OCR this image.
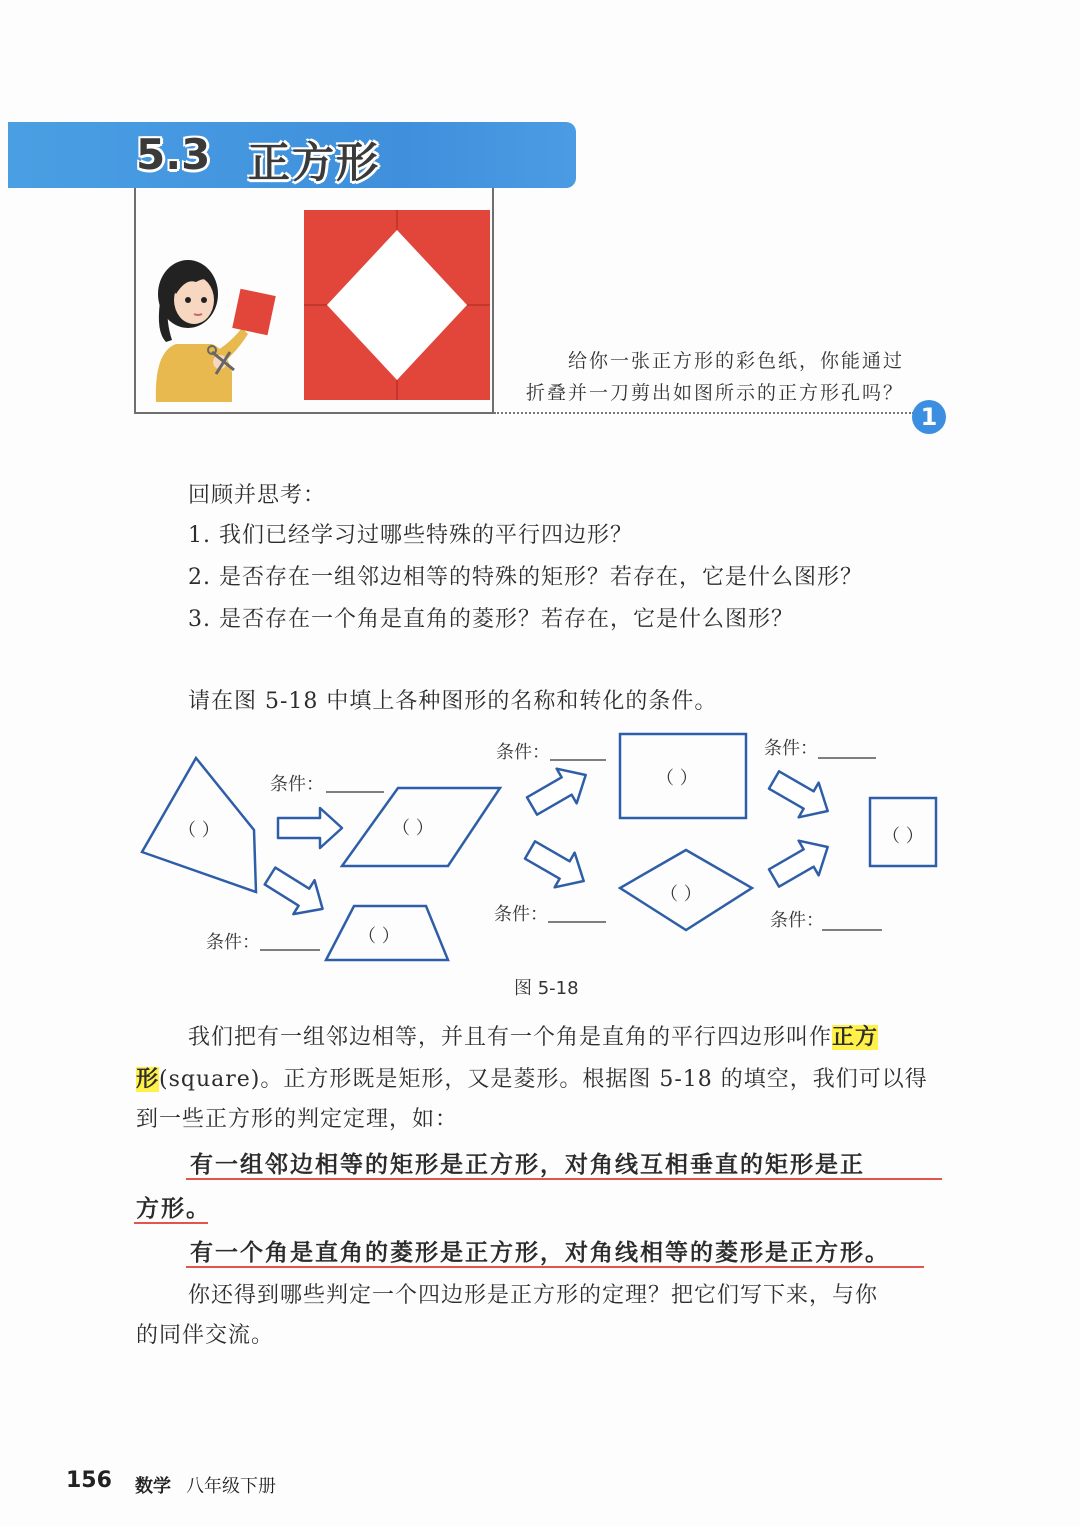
5.3 正方形
给你一张正方形的彩色纸，你能通过
折叠并一刀剪出如图所示的正方形孔吗？
1
回顾并思考：
1. 我们已经学习过哪些特殊的平行四边形？
2. 是否存在一组邻边相等的特殊的矩形？若存在，它是什么图形？
3. 是否存在一个角是直角的菱形？若存在，它是什么图形？
请在图 5-18 中填上各种图形的名称和转化的条件。
（ ）	（ ）
（ ）
（ ）
（ ）
（ ）
条件：
条件：	条件：
条件：
条件：	条件：
图 5-18
我们把有一组邻边相等，并且有一个角是直角的平行四边形叫作正方
形(square)。正方形既是矩形，又是菱形。根据图 5-18 的填空，我们可以得
到一些正方形的判定定理，如：
有一组邻边相等的矩形是正方形，对角线互相垂直的矩形是正
方形。
有一个角是直角的菱形是正方形，对角线相等的菱形是正方形。
你还得到哪些判定一个四边形是正方形的定理？把它们写下来，与你
的同伴交流。
156 数学 八年级下册
